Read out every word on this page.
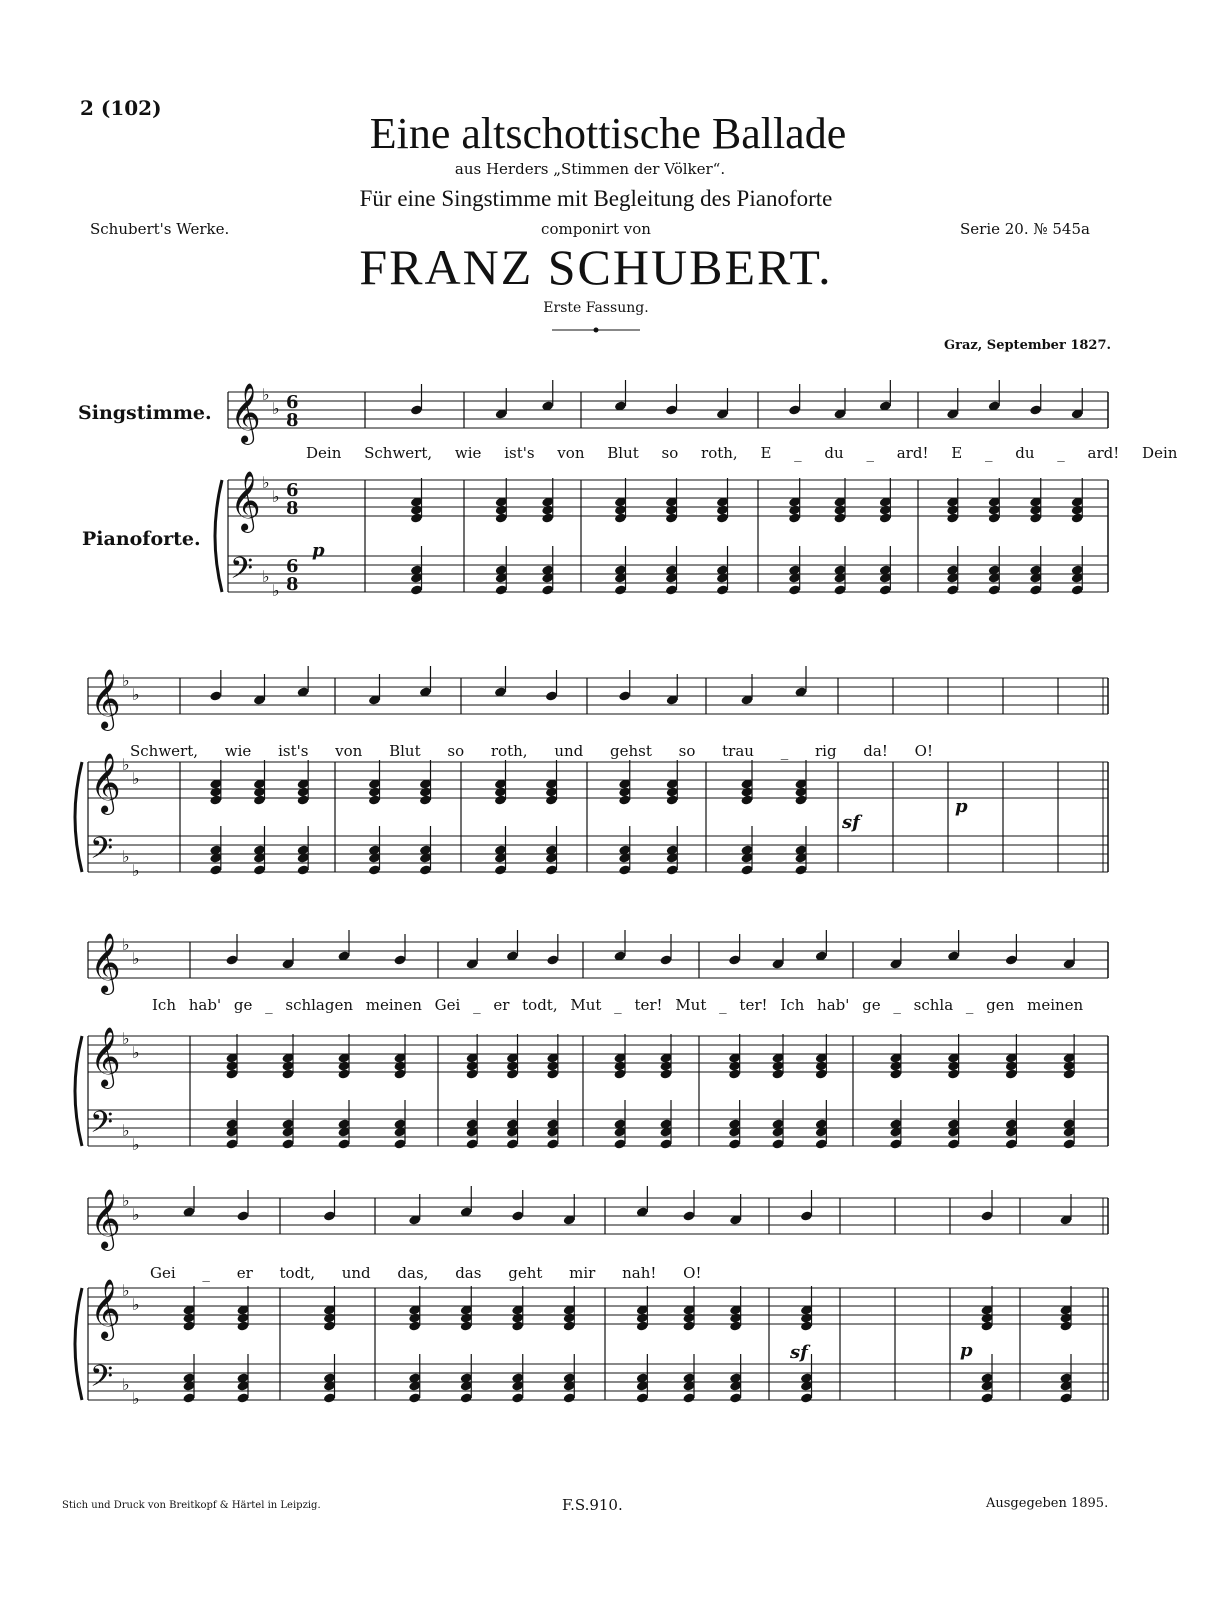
2 (102)
Eine altschottische Ballade
aus Herders „Stimmen der Völker“.
Für eine Singstimme mit Begleitung des Pianoforte
Schubert's Werke.	componirt von	Serie 20. № 545a
FRANZ SCHUBERT.
Erste Fassung.
Graz, September 1827.
Singstimme.
Pianoforte.
Dein Schwert, wie ist's von Blut so roth, E _ du _ ard! E _ du _ ard! Dein
Schwert, wie ist's von Blut so roth, und gehst so trau _ rig da! O!
Ich hab' ge _ schlagen meinen Gei _ er todt, Mut _ ter! Mut _ ter! Ich hab' ge _ schla _ gen meinen
Gei _ er todt, und das, das geht mir nah! O!
𝄞 ♭
♭
𝄞 ♭
♭
𝄢 ♭
♭
6
8
6
8
6
8
𝄞 ♭
♭
𝄞 ♭
♭
𝄢 ♭
♭
𝄞 ♭
♭
𝄞 ♭
♭
𝄢 ♭
♭
𝄞 ♭
♭
𝄞 ♭
♭
𝄢 ♭
♭
p
sf
p
sf	p
Stich und Druck von Breitkopf & Härtel in Leipzig.	F.S.910.	Ausgegeben 1895.
